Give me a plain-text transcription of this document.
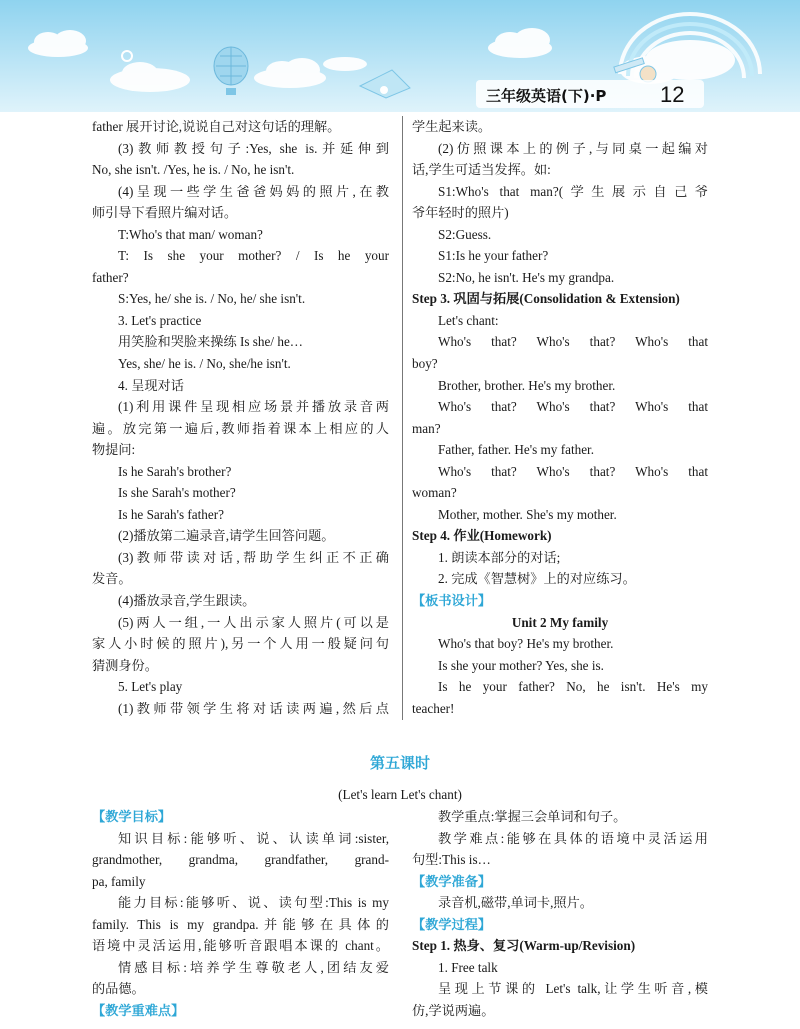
三年级英语(下)·P 12
father 展开讨论,说说自己对这句话的理解。
(3)教师教授句子:Yes, she is.并延伸到
No, she isn't. /Yes, he is. / No, he isn't.
(4)呈现一些学生爸爸妈妈的照片,在教
师引导下看照片编对话。
T:Who's that man/ woman?
T: Is she your mother? / Is he your
father?
S:Yes, he/ she is. / No, he/ she isn't.
3. Let's practice
用笑脸和哭脸来操练 Is she/ he…
Yes, she/ he is. / No, she/he isn't.
4. 呈现对话
(1)利用课件呈现相应场景并播放录音两
遍。放完第一遍后,教师指着课本上相应的人
物提问:
Is he Sarah's brother?
Is she Sarah's mother?
Is he Sarah's father?
(2)播放第二遍录音,请学生回答问题。
(3)教师带读对话,帮助学生纠正不正确
发音。
(4)播放录音,学生跟读。
(5)两人一组,一人出示家人照片(可以是
家人小时候的照片),另一个人用一般疑问句
猜测身份。
5. Let's play
(1)教师带领学生将对话读两遍,然后点
学生起来读。
(2)仿照课本上的例子,与同桌一起编对
话,学生可适当发挥。如:
S1:Who's that man?(学生展示自己爷
爷年轻时的照片)
S2:Guess.
S1:Is he your father?
S2:No, he isn't. He's my grandpa.
Step 3. 巩固与拓展(Consolidation & Extension)
Let's chant:
Who's that? Who's that? Who's that
boy?
Brother, brother. He's my brother.
Who's that? Who's that? Who's that
man?
Father, father. He's my father.
Who's that? Who's that? Who's that
woman?
Mother, mother. She's my mother.
Step 4. 作业(Homework)
1. 朗读本部分的对话;
2. 完成《智慧树》上的对应练习。
【板书设计】
Unit 2 My family
Who's that boy? He's my brother.
Is she your mother? Yes, she is.
Is he your father? No, he isn't. He's my
teacher!
第五课时
(Let's learn Let's chant)
【教学目标】
知识目标:能够听、说、认读单词:sister,
grandmother, grandma, grandfather, grand-
pa, family
能力目标:能够听、说、读句型:This is my
family. This is my grandpa.并能够在具体的
语境中灵活运用,能够听音跟唱本课的 chant。
情感目标:培养学生尊敬老人,团结友爱
的品德。
【教学重难点】
教学重点:掌握三会单词和句子。
教学难点:能够在具体的语境中灵活运用
句型:This is…
【教学准备】
录音机,磁带,单词卡,照片。
【教学过程】
Step 1. 热身、复习(Warm-up/Revision)
1. Free talk
呈现上节课的 Let's talk,让学生听音,模
仿,学说两遍。
